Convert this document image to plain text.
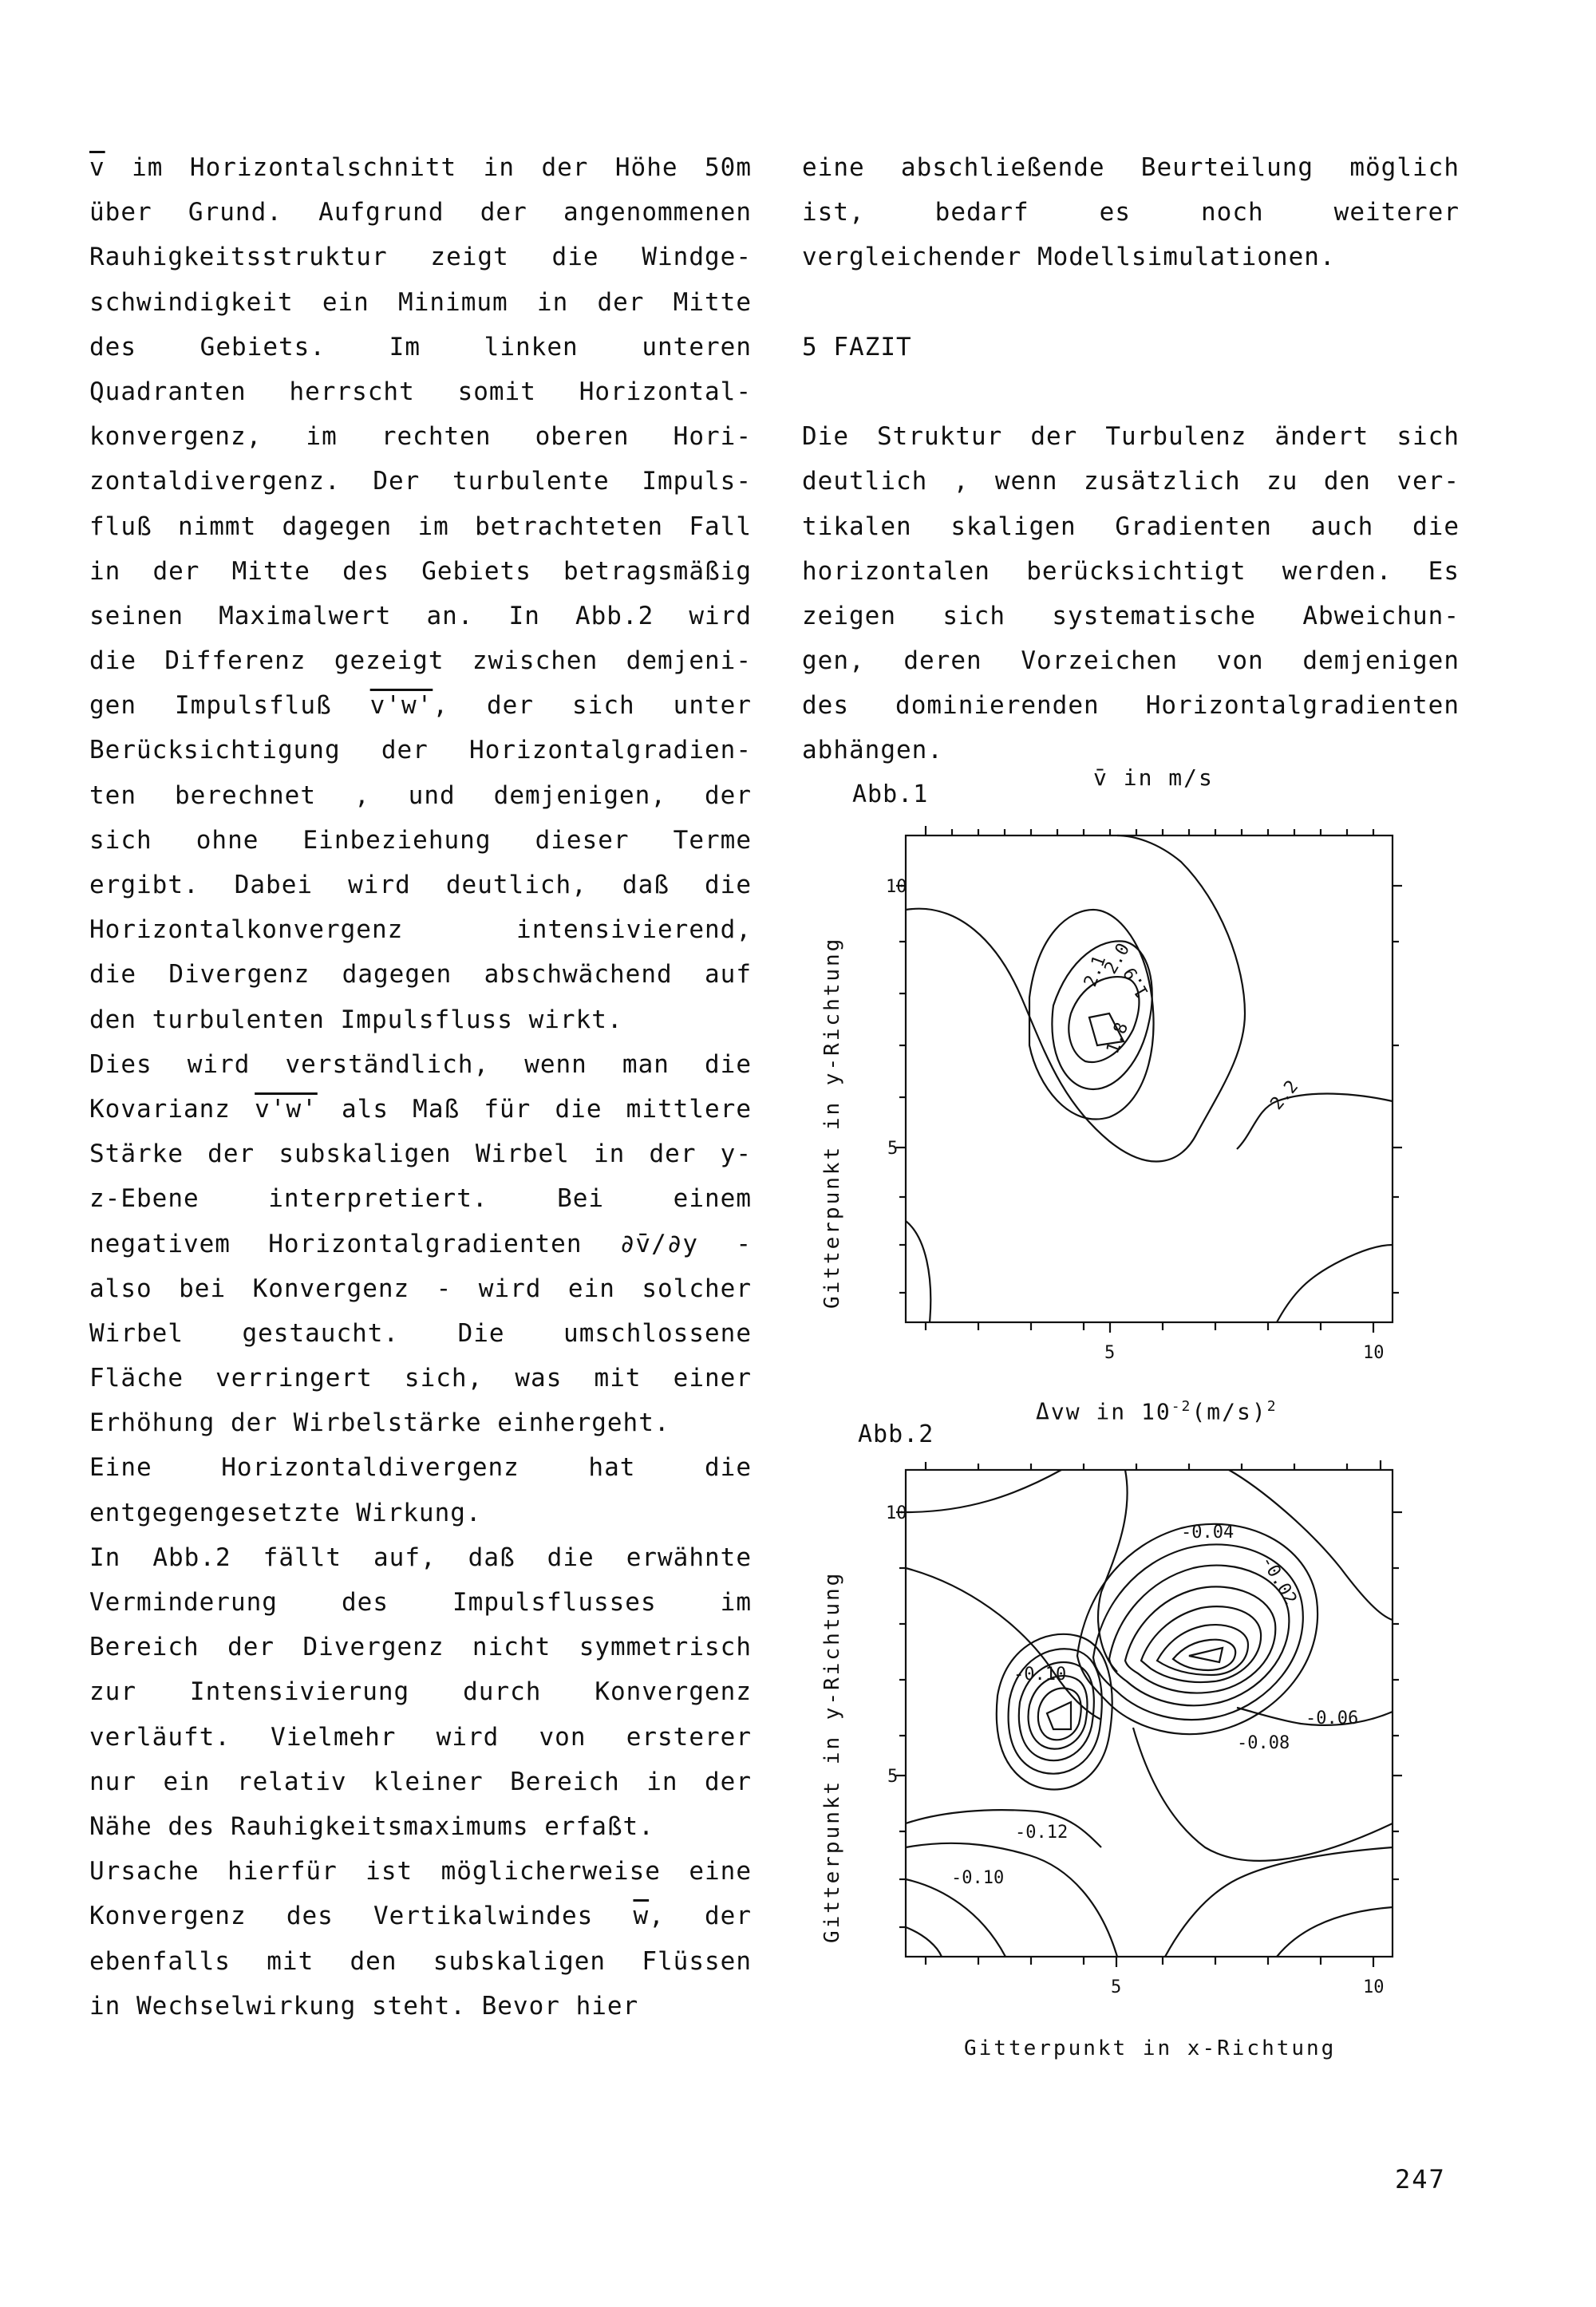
$\overline{v}$ im Horizontalschnitt in der Höhe 50m
über Grund. Aufgrund der angenommenen
Rauhigkeitsstruktur zeigt die Windge-
schwindigkeit ein Minimum in der Mitte
des Gebiets. Im linken unteren
Quadranten herrscht somit Horizontal-
konvergenz, im rechten oberen Hori-
zontaldivergenz. Der turbulente Impuls-
fluß nimmt dagegen im betrachteten Fall
in der Mitte des Gebiets betragsmäßig
seinen Maximalwert an. In Abb.2 wird
die Differenz gezeigt zwischen demjeni-
gen Impulsfluß v'w', der sich unter
Berücksichtigung der Horizontalgradien-
ten berechnet , und demjenigen, der
sich ohne Einbeziehung dieser Terme
ergibt. Dabei wird deutlich, daß die
Horizontalkonvergenz intensivierend,
die Divergenz dagegen abschwächend auf
den turbulenten Impulsfluss wirkt.
Dies wird verständlich, wenn man die
Kovarianz v'w' als Maß für die mittlere
Stärke der subskaligen Wirbel in der y-
z-Ebene interpretiert. Bei einem
negativem Horizontalgradienten ∂v̄/∂y -
also bei Konvergenz - wird ein solcher
Wirbel gestaucht. Die umschlossene
Fläche verringert sich, was mit einer
Erhöhung der Wirbelstärke einhergeht.
Eine Horizontaldivergenz hat die
entgegengesetzte Wirkung.
In Abb.2 fällt auf, daß die erwähnte
Verminderung des Impulsflusses im
Bereich der Divergenz nicht symmetrisch
zur Intensivierung durch Konvergenz
verläuft. Vielmehr wird von ersterer
nur ein relativ kleiner Bereich in der
Nähe des Rauhigkeitsmaximums erfaßt.
Ursache hierfür ist möglicherweise eine
Konvergenz des Vertikalwindes $\overline{w}$, der
ebenfalls mit den subskaligen Flüssen
in Wechselwirkung steht. Bevor hier
eine abschließende Beurteilung möglich
ist, bedarf es noch weiterer
vergleichender Modellsimulationen.

5 FAZIT

Die Struktur der Turbulenz ändert sich
deutlich , wenn zusätzlich zu den ver-
tikalen skaligen Gradienten auch die
horizontalen berücksichtigt werden. Es
zeigen sich systematische Abweichun-
gen, deren Vorzeichen von demjenigen
des dominierenden Horizontalgradienten
abhängen.
Abb.1
v̄ in m/s
Gitterpunkt in y-Richtung
10
5
5	10
2.1
2.0
1.9
1.8
2.2
Abb.2
Δvw in $10^{-2}(m/s)^2$
Gitterpunkt in y-Richtung
Gitterpunkt in x-Richtung
10
5
5	10
-0.04
-0.02
-0.06
-0.08
-0.10
-0.12
-0.10
247
